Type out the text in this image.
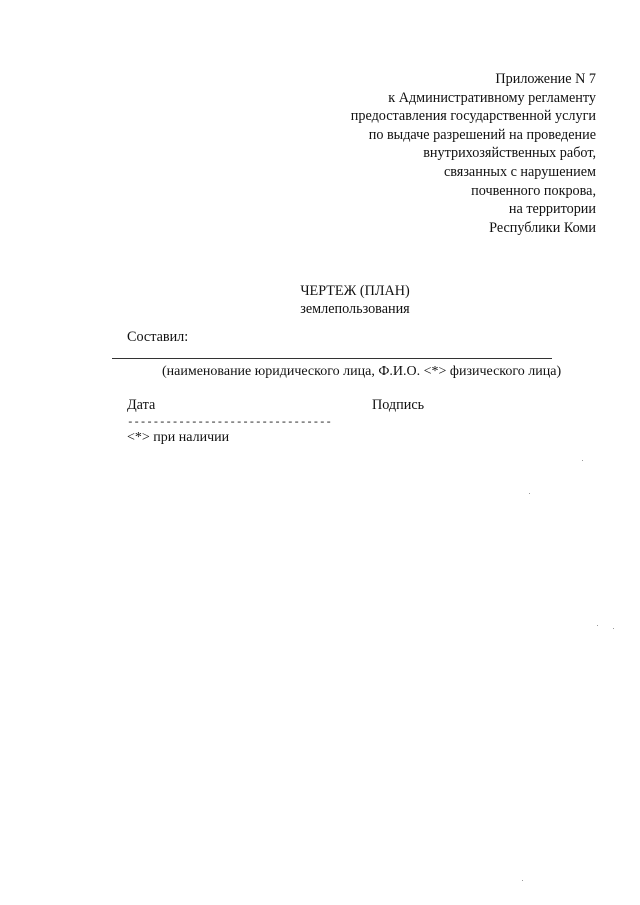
Приложение N 7
к Административному регламенту
предоставления государственной услуги
по выдаче разрешений на проведение
внутрихозяйственных работ,
связанных с нарушением
почвенного покрова,
на территории
Республики Коми
ЧЕРТЕЖ (ПЛАН)
землепользования
Составил:
(наименование юридического лица, Ф.И.О. <*> физического лица)
Дата	Подпись
--------------------------------
<*> при наличии
